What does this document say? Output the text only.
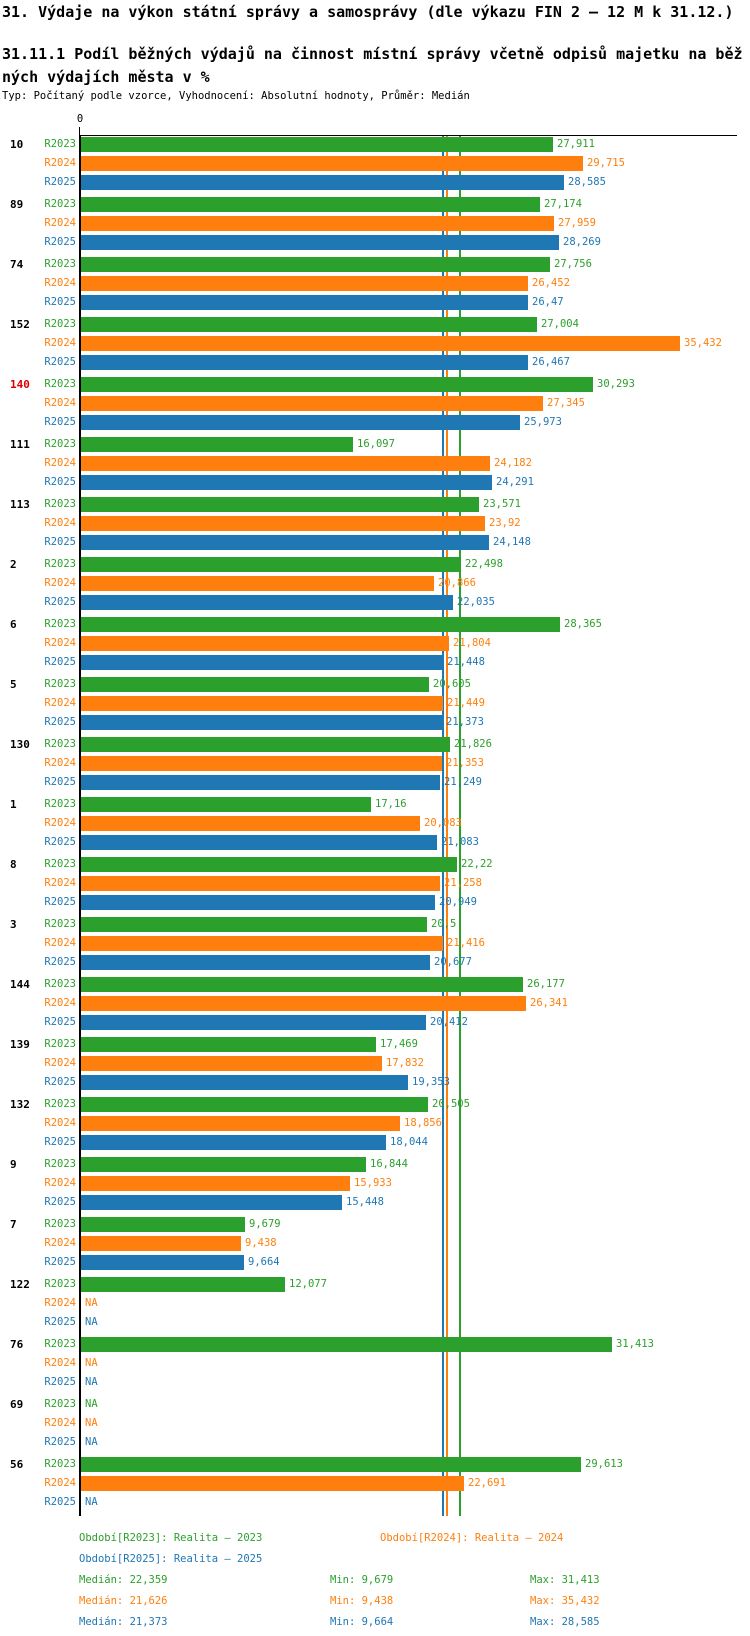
31. Výdaje na výkon státní správy a samosprávy (dle výkazu FIN 2 – 12 M k 31.12.)
31.11.1 Podíl běžných výdajů na činnost místní správy včetně odpisů majetku na běžných výdajích města v %
Typ: Počítaný podle vzorce, Vyhodnocení: Absolutní hodnoty, Průměr: Medián
0
10	R2023	27,911
R2024	29,715
R2025	28,585
89	R2023	27,174
R2024	27,959
R2025	28,269
74	R2023	27,756
R2024	26,452
R2025	26,47
152	R2023	27,004
R2024	35,432
R2025	26,467
140	R2023	30,293
R2024	27,345
R2025	25,973
111	R2023	16,097
R2024	24,182
R2025	24,291
113	R2023	23,571
R2024	23,92
R2025	24,148
2	R2023	22,498
R2024	20,866
R2025	22,035
6	R2023	28,365
R2024	21,804
R2025	21,448
5	R2023	20,605
R2024	21,449
R2025	21,373
130	R2023	21,826
R2024	21,353
R2025	21,249
1	R2023	17,16
R2024	20,083
R2025	21,083
8	R2023	22,22
R2024	21,258
R2025	20,949
3	R2023	20,5
R2024	21,416
R2025	20,677
144	R2023	26,177
R2024	26,341
R2025	20,412
139	R2023	17,469
R2024	17,832
R2025	19,353
132	R2023	20,505
R2024	18,856
R2025	18,044
9	R2023	16,844
R2024	15,933
R2025	15,448
7	R2023	9,679
R2024	9,438
R2025	9,664
122	R2023	12,077
R2024 NA
R2025 NA
76	R2023	31,413
R2024 NA
R2025 NA
69	R2023 NA
R2024 NA
R2025 NA
56	R2023	29,613
R2024	22,691
R2025 NA
Období[R2023]: Realita – 2023	Období[R2024]: Realita – 2024
Období[R2025]: Realita – 2025
Medián: 22,359	Min: 9,679	Max: 31,413
Medián: 21,626	Min: 9,438	Max: 35,432
Medián: 21,373	Min: 9,664	Max: 28,585
